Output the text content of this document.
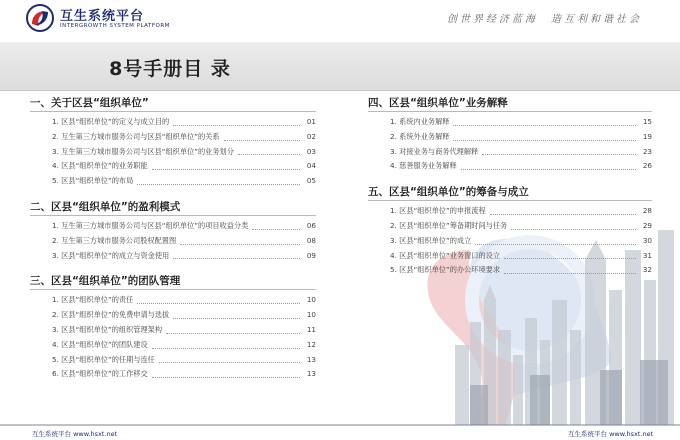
互生系统平台
INTERGROWTH SYSTEM PLATFORM
创世界经济蓝海　造互利和谐社会
8号手册目 录
一、关于区县“组织单位”
1. 区县“组织单位”的定义与成立目的	01
2. 互生第三方城市服务公司与区县“组织单位”的关系	02
3. 互生第三方城市服务公司与区县“组织单位”的业务划分	03
4. 区县“组织单位”的业务职能	04
5. 区县“组织单位”的布局	05
二、区县“组织单位”的盈利模式
1. 互生第三方城市服务公司与区县“组织单位”的项目收益分类	06
2. 互生第三方城市服务公司股权配置图	08
3. 区县“组织单位”的成立与资金使用	09
三、区县“组织单位”的团队管理
1. 区县“组织单位”的责任	10
2. 区县“组织单位”的免费申请与选拔	10
3. 区县“组织单位”的组织管理架构	11
4. 区县“组织单位”的团队建设	12
5. 区县“组织单位”的任期与连任	13
6. 区县“组织单位”的工作移交	13
四、区县“组织单位”业务解释
1. 系统内业务解释	15
2. 系统外业务解释	19
3. 对接业务与商务代理解释	23
4. 慈善服务业务解释	26
五、区县“组织单位”的筹备与成立
1. 区县“组织单位”的申报流程	28
2. 区县“组织单位”筹备期时间与任务	29
3. 区县“组织单位”的成立	30
4. 区县“组织单位”业务窗口的设立	31
5. 区县“组织单位”的办公环境要求	32
互生系统平台 www.hsxt.net	互生系统平台 www.hsxt.net
